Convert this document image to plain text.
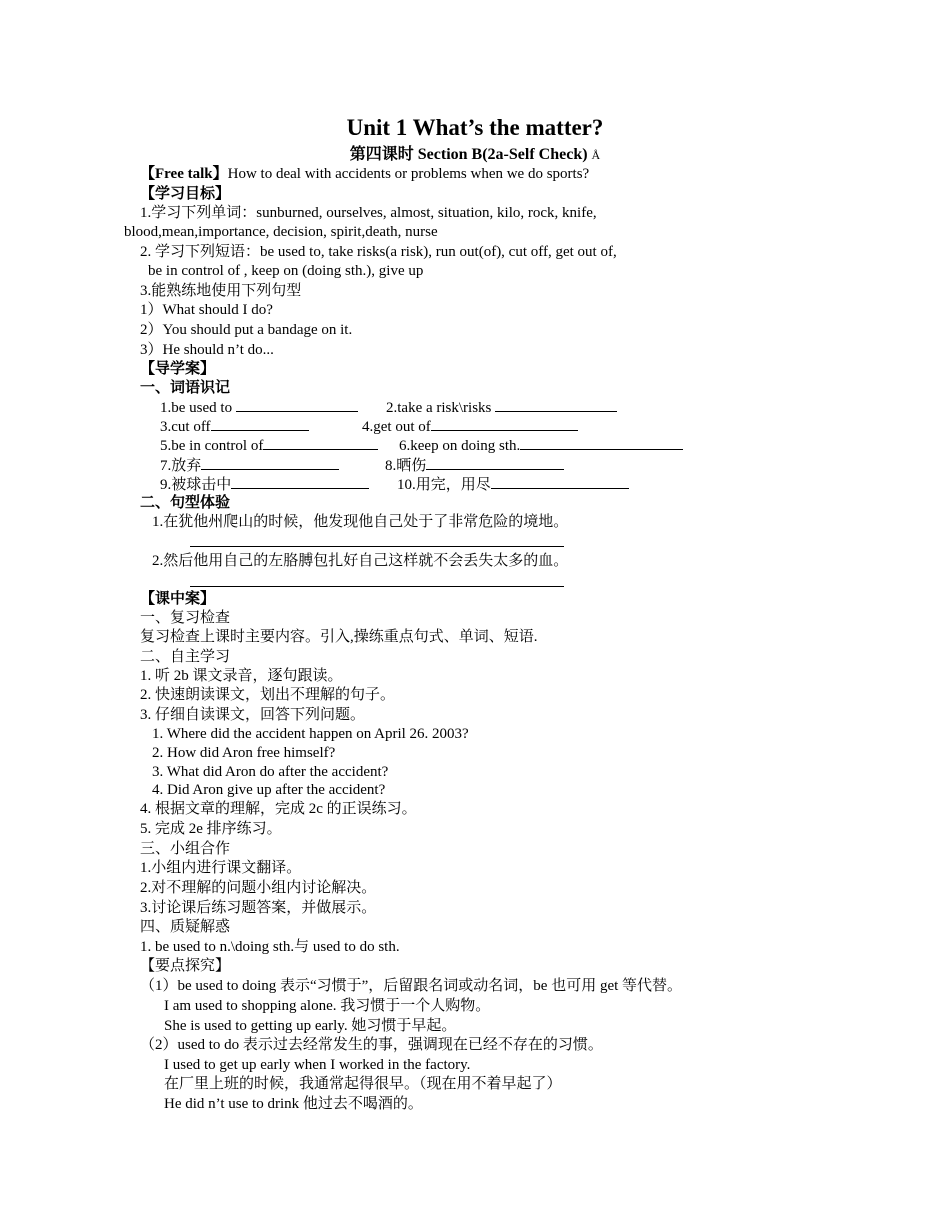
Unit 1 What’s the matter?
第四课时 Section B(2a-Self Check) Å
【Free talk】How to deal with accidents or problems when we do sports?
【学习目标】
1.学习下列单词：sunburned, ourselves, almost, situation, kilo, rock, knife,
blood,mean,importance, decision, spirit,death, nurse
2. 学习下列短语：be used to, take risks(a risk), run out(of), cut off, get out of,
be in control of , keep on (doing sth.), give up
3.能熟练地使用下列句型
1）What should I do?
2）You should put a bandage on it.
3）He should n’t do...
【导学案】
一、词语识记
1.be used to	2.take a risk\risks
3.cut off	4.get out of
5.be in control of	6.keep on doing sth.
7.放弃	8.晒伤
9.被球击中	10.用完，用尽
二、句型体验
1.在犹他州爬山的时候，他发现他自己处于了非常危险的境地。
2.然后他用自己的左胳膊包扎好自己这样就不会丢失太多的血。
【课中案】
一、复习检查
复习检查上课时主要内容。引入,操练重点句式、单词、短语.
二、自主学习
1. 听 2b 课文录音，逐句跟读。
2. 快速朗读课文，划出不理解的句子。
3. 仔细自读课文，回答下列问题。
1. Where did the accident happen on April 26. 2003?
2. How did Aron free himself?
3. What did Aron do after the accident?
4. Did Aron give up after the accident?
4. 根据文章的理解，完成 2c 的正误练习。
5. 完成 2e 排序练习。
三、小组合作
1.小组内进行课文翻译。
2.对不理解的问题小组内讨论解决。
3.讨论课后练习题答案，并做展示。
四、质疑解惑
1. be used to n.\doing sth.与 used to do sth.
【要点探究】
（1）be used to doing 表示“习惯于”，后留跟名词或动名词，be 也可用 get 等代替。
I am used to shopping alone. 我习惯于一个人购物。
She is used to getting up early. 她习惯于早起。
（2）used to do 表示过去经常发生的事，强调现在已经不存在的习惯。
I used to get up early when I worked in the factory.
在厂里上班的时候，我通常起得很早。（现在用不着早起了）
He did n’t use to drink 他过去不喝酒的。
